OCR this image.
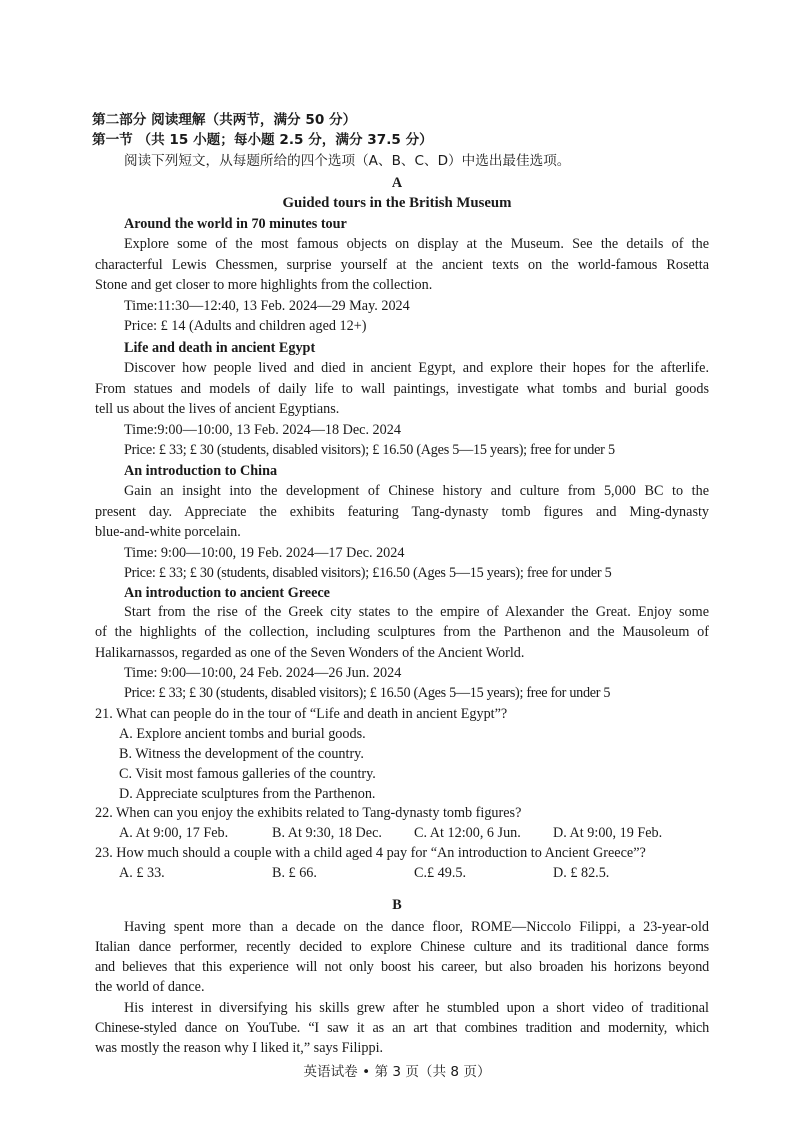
第二部分 阅读理解（共两节，满分 50 分）
第一节 （共 15 小题；每小题 2.5 分，满分 37.5 分）
阅读下列短文，从每题所给的四个选项（A、B、C、D）中选出最佳选项。
A
Guided tours in the British Museum
Around the world in 70 minutes tour
Explore some of the most famous objects on display at the Museum. See the details of the
characterful Lewis Chessmen, surprise yourself at the ancient texts on the world-famous Rosetta
Stone and get closer to more highlights from the collection.
Time:11:30—12:40, 13 Feb. 2024—29 May. 2024
Price: £ 14 (Adults and children aged 12+)
Life and death in ancient Egypt
Discover how people lived and died in ancient Egypt, and explore their hopes for the afterlife.
From statues and models of daily life to wall paintings, investigate what tombs and burial goods
tell us about the lives of ancient Egyptians.
Time:9:00—10:00, 13 Feb. 2024—18 Dec. 2024
Price: £ 33; £ 30 (students, disabled visitors); £ 16.50 (Ages 5—15 years); free for under 5
An introduction to China
Gain an insight into the development of Chinese history and culture from 5,000 BC to the
present day. Appreciate the exhibits featuring Tang-dynasty tomb figures and Ming-dynasty
blue-and-white porcelain.
Time: 9:00—10:00, 19 Feb. 2024—17 Dec. 2024
Price: £ 33; £ 30 (students, disabled visitors); £16.50 (Ages 5—15 years); free for under 5
An introduction to ancient Greece
Start from the rise of the Greek city states to the empire of Alexander the Great. Enjoy some
of the highlights of the collection, including sculptures from the Parthenon and the Mausoleum of
Halikarnassos, regarded as one of the Seven Wonders of the Ancient World.
Time: 9:00—10:00, 24 Feb. 2024—26 Jun. 2024
Price: £ 33; £ 30 (students, disabled visitors); £ 16.50 (Ages 5—15 years); free for under 5
21. What can people do in the tour of “Life and death in ancient Egypt”?
A. Explore ancient tombs and burial goods.
B. Witness the development of the country.
C. Visit most famous galleries of the country.
D. Appreciate sculptures from the Parthenon.
22. When can you enjoy the exhibits related to Tang-dynasty tomb figures?
A. At 9:00, 17 Feb.	B. At 9:30, 18 Dec. C. At 12:00, 6 Jun. D. At 9:00, 19 Feb.
23. How much should a couple with a child aged 4 pay for “An introduction to Ancient Greece”?
A. £ 33.	B. £ 66.	C.£ 49.5.	D. £ 82.5.
B
Having spent more than a decade on the dance floor, ROME—Niccolo Filippi, a 23-year-old
Italian dance performer, recently decided to explore Chinese culture and its traditional dance forms
and believes that this experience will not only boost his career, but also broaden his horizons beyond
the world of dance.
His interest in diversifying his skills grew after he stumbled upon a short video of traditional
Chinese-styled dance on YouTube. “I saw it as an art that combines tradition and modernity, which
was mostly the reason why I liked it,” says Filippi.
英语试卷 • 第 3 页（共 8 页）
